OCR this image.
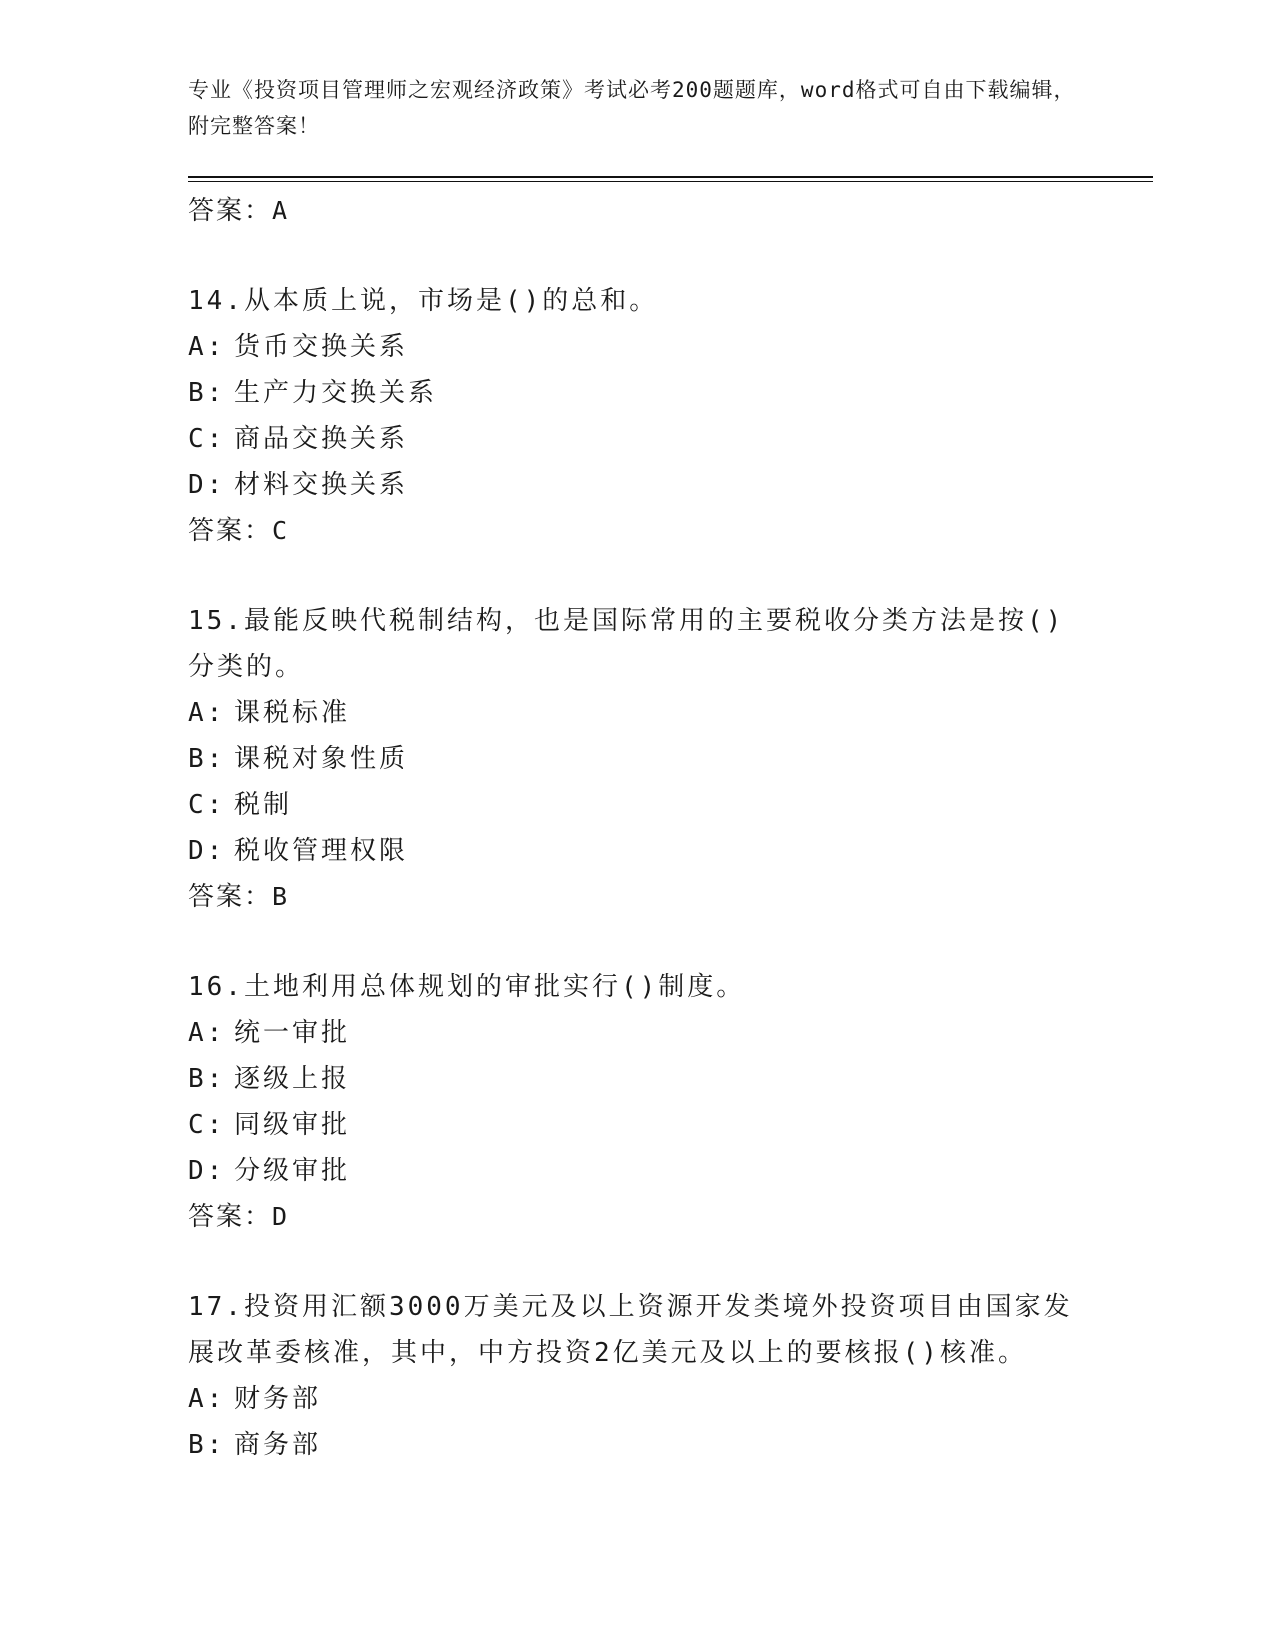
专业《投资项目管理师之宏观经济政策》考试必考200题题库，word格式可自由下载编辑，附完整答案！
答案：A
14.从本质上说，市场是()的总和。
A: 货币交换关系
B: 生产力交换关系
C: 商品交换关系
D: 材料交换关系
答案：C
15.最能反映代税制结构，也是国际常用的主要税收分类方法是按()分类的。
A: 课税标准
B: 课税对象性质
C: 税制
D: 税收管理权限
答案：B
16.土地利用总体规划的审批实行()制度。
A: 统一审批
B: 逐级上报
C: 同级审批
D: 分级审批
答案：D
17.投资用汇额3000万美元及以上资源开发类境外投资项目由国家发展改革委核准，其中，中方投资2亿美元及以上的要核报()核准。
A: 财务部
B: 商务部
